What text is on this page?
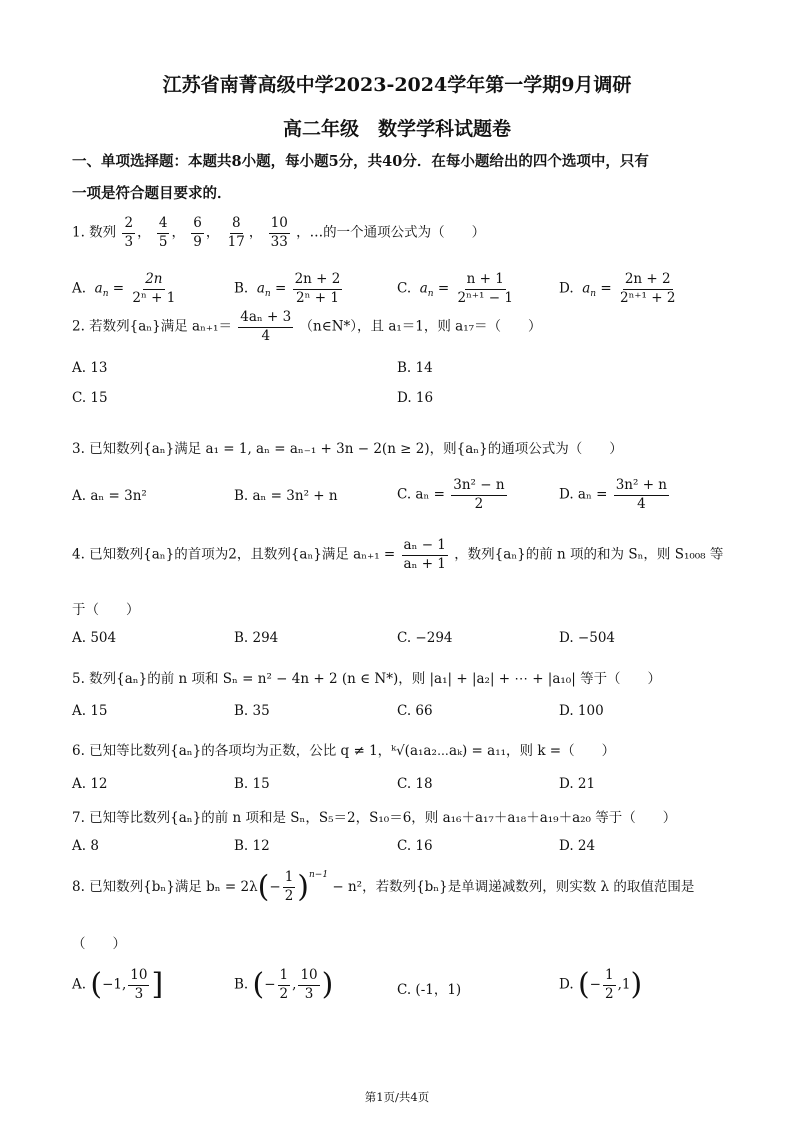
江苏省南菁高级中学2023-2024学年第一学期9月调研
高二年级　数学学科试题卷
一、单项选择题：本题共8小题，每小题5分，共40分．在每小题给出的四个选项中，只有
一项是符合题目要求的．
1. 数列 $\frac{2}{3}$ ， $\frac{4}{5}$ ， $\frac{6}{9}$ ， $\frac{8}{17}$ ， $\frac{10}{33}$ ，…的一个通项公式为（　　）
A. $a_n = \frac{2n}{\text{2ⁿ + 1}}$	B. $a_n = \frac{2n + 2}{\text{2ⁿ + 1}}$	C. $a_n = \frac{n + 1}{\text{2ⁿ⁺¹ − 1}}$	D. $a_n = \frac{2n + 2}{\text{2ⁿ⁺¹ + 2}}$
2. 若数列{aₙ}满足 $a_{n+1}= \frac{\text{4aₙ + 3}}{4}$ （n∈N*），且 a₁＝1，则 a₁₇＝（　　）
A. 13	B. 14
C. 15	D. 16
3. 已知数列{aₙ}满足 a₁ = 1, aₙ = aₙ₋₁ + 3n − 2(n ≥ 2)，则{aₙ}的通项公式为（　　）
A. aₙ = 3n²	B. aₙ = 3n² + n	C. $a_n = \frac{\text{3n² − n}}{2}$	D. $a_n = \frac{\text{3n² + n}}{4}$
4. 已知数列{aₙ}的首项为2，且数列{aₙ}满足 $a_{n+1} = \frac{\text{aₙ − 1}}{\text{aₙ + 1}}$ ，数列{aₙ}的前 n 项的和为 Sₙ，则 S₁₀₀₈ 等
于（　　）
A. 504	B. 294	C. −294	D. −504
5. 数列{aₙ}的前 n 项和 Sₙ = n² − 4n + 2 (n ∈ N*)，则 |a₁| + |a₂| + ⋯ + |a₁₀| 等于（　　）
A. 15	B. 35	C. 66	D. 100
6. 已知等比数列{aₙ}的各项均为正数，公比 q ≠ 1，ᵏ√(a₁a₂⋯aₖ) = a₁₁，则 k =（　　）
A. 12	B. 15	C. 18	D. 21
7. 已知等比数列{aₙ}的前 n 项和是 Sₙ，S₅＝2，S₁₀＝6，则 a₁₆＋a₁₇＋a₁₈＋a₁₉＋a₂₀ 等于（　　）
A. 8	B. 12	C. 16	D. 24
8. 已知数列{bₙ}满足 $b_n = 2\lambda(- \frac{1}{2} )^{n-1} - n^2$，若数列{bₙ}是单调递减数列，则实数 λ 的取值范围是
（　　）
A. (−1, $\frac{10}{3}$ ]	B. (− $\frac{1}{2}$ , $\frac{10}{3}$ )	C. (-1，1)	D. (− $\frac{1}{2} ,1$)
第1页/共4页
